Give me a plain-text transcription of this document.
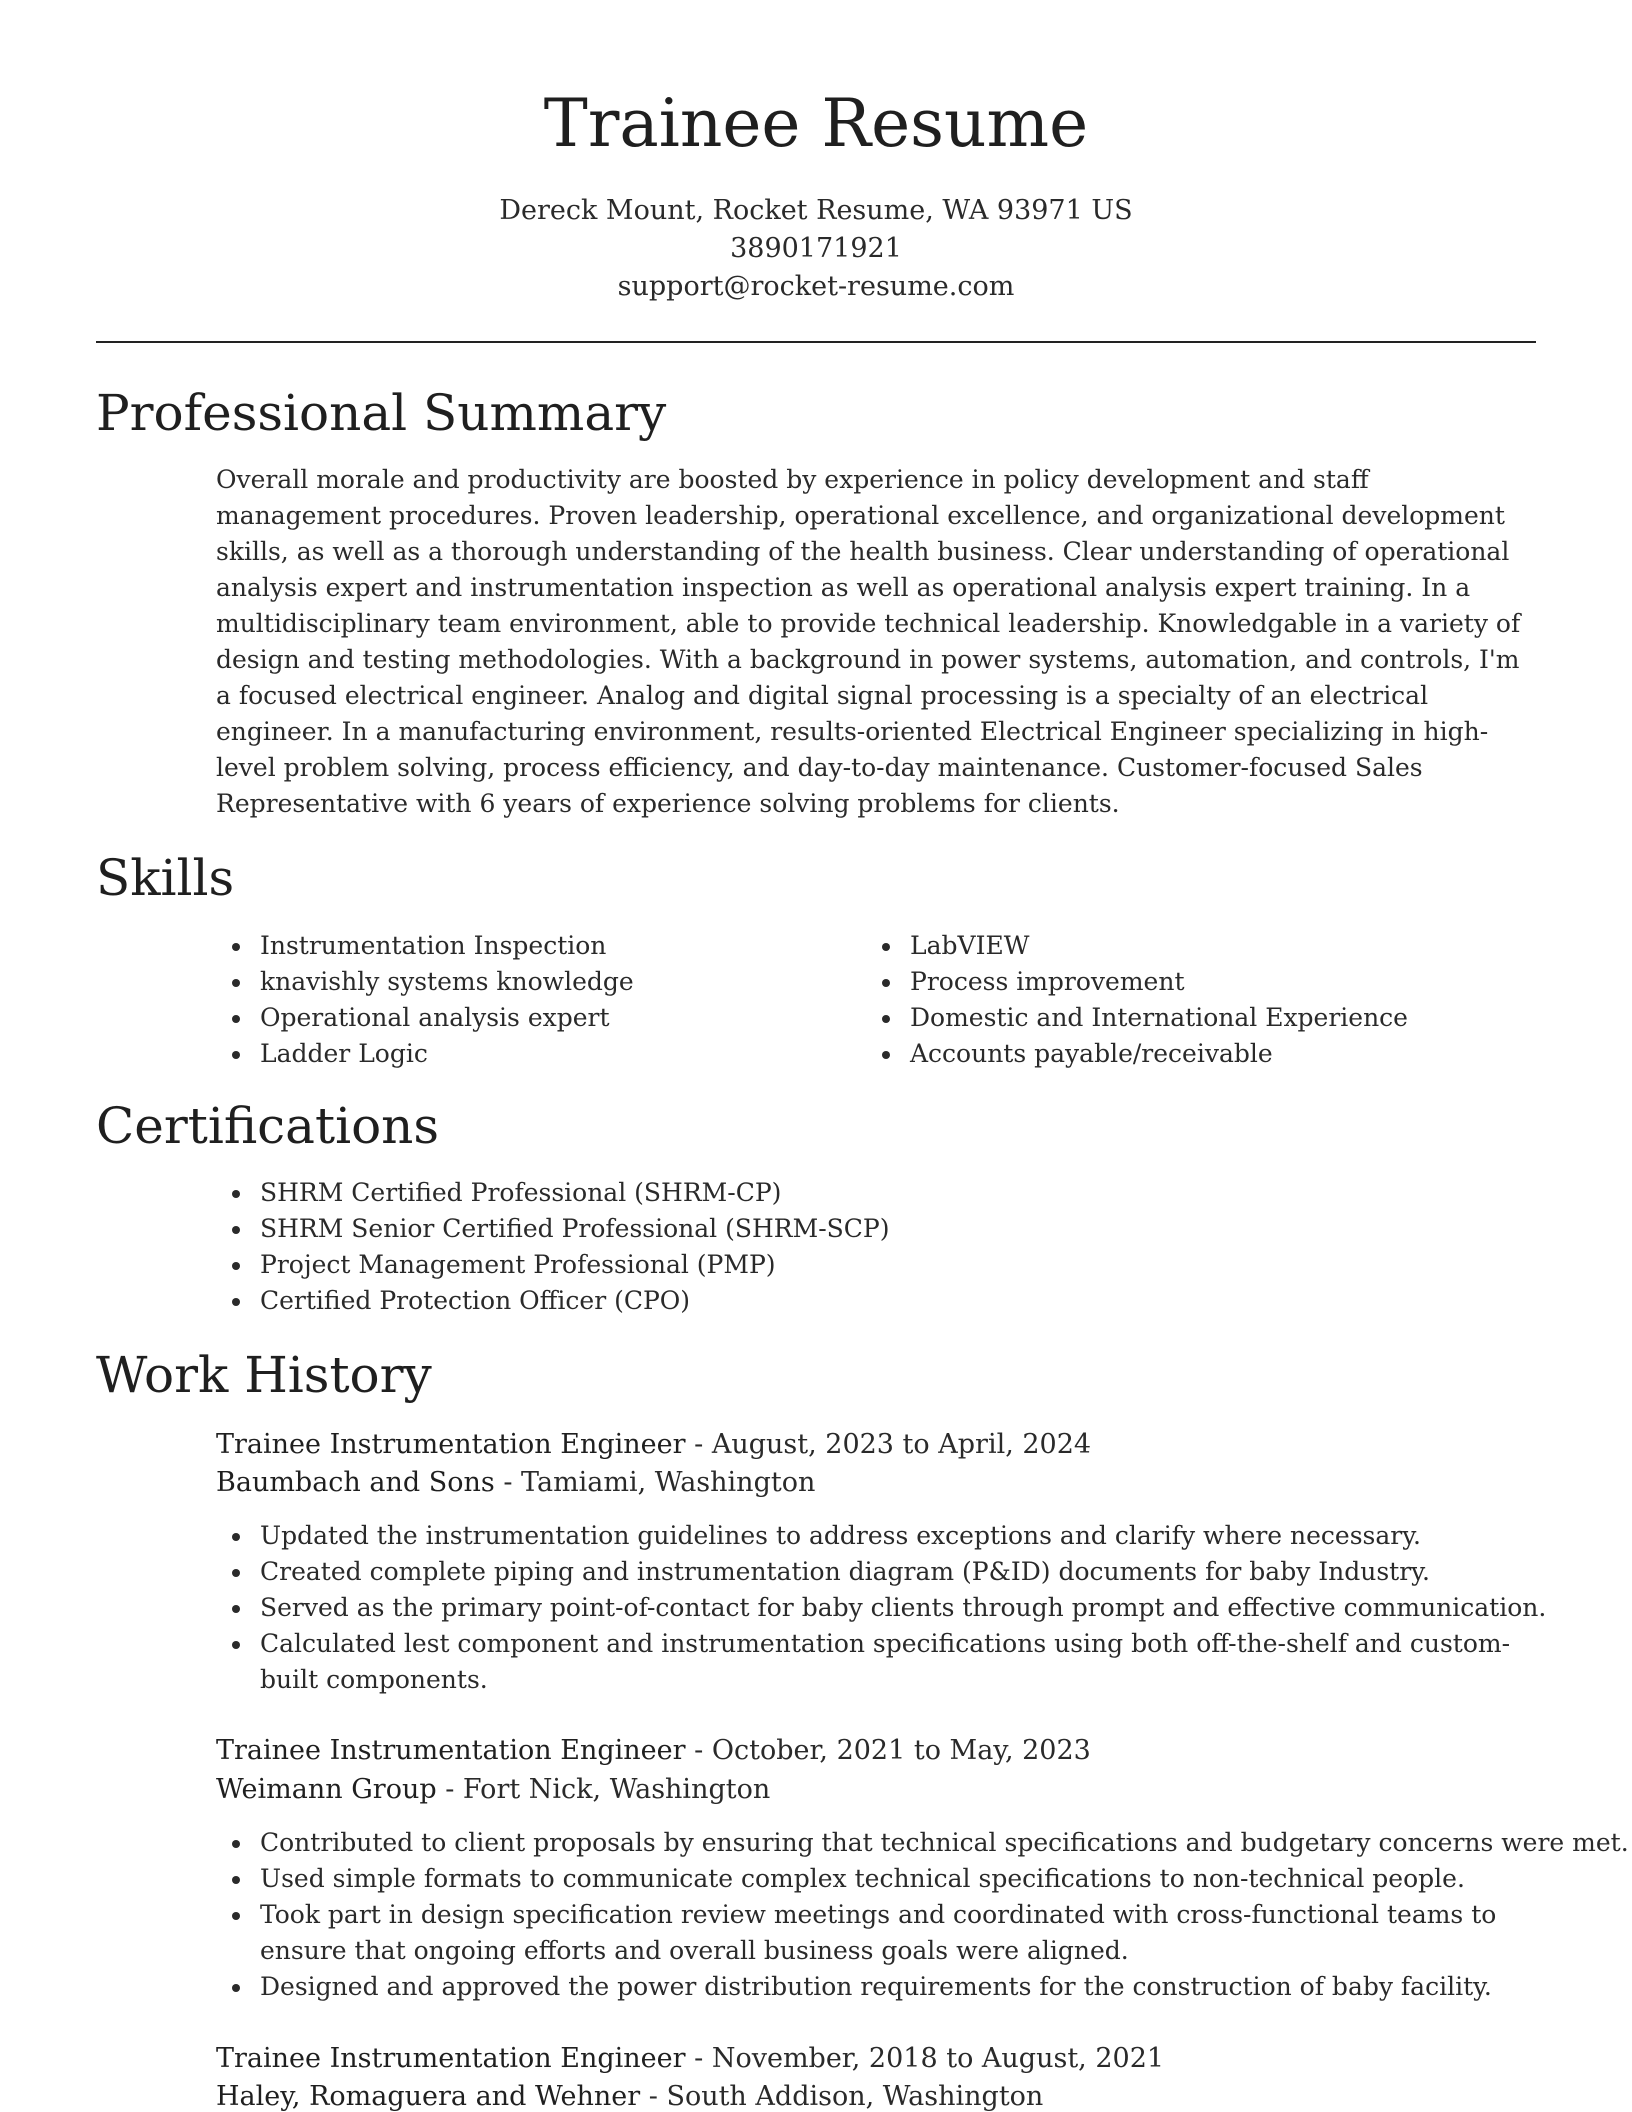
Trainee Resume
Dereck Mount, Rocket Resume, WA 93971 US
3890171921
support@rocket-resume.com
Professional Summary

Overall morale and productivity are boosted by experience in policy development and staff management procedures. Proven leadership, operational excellence, and organizational development skills, as well as a thorough understanding of the health business. Clear understanding of operational analysis expert and instrumentation inspection as well as operational analysis expert training. In a multidisciplinary team environment, able to provide technical leadership. Knowledgable in a variety of design and testing methodologies. With a background in power systems, automation, and controls, I'm a focused electrical engineer. Analog and digital signal processing is a specialty of an electrical engineer. In a manufacturing environment, results-oriented Electrical Engineer specializing in high-level problem solving, process efficiency, and day-to-day maintenance. Customer-focused Sales Representative with 6 years of experience solving problems for clients.

Skills
Instrumentation Inspection
knavishly systems knowledge
Operational analysis expert
Ladder Logic
LabVIEW
Process improvement
Domestic and International Experience
Accounts payable/receivable
Certifications
SHRM Certified Professional (SHRM-CP)
SHRM Senior Certified Professional (SHRM-SCP)
Project Management Professional (PMP)
Certified Protection Officer (CPO)
Work History
Trainee Instrumentation Engineer - August, 2023 to April, 2024
Baumbach and Sons - Tamiami, Washington
Updated the instrumentation guidelines to address exceptions and clarify where necessary.
Created complete piping and instrumentation diagram (P&ID) documents for baby Industry.
Served as the primary point-of-contact for baby clients through prompt and effective communication.
Calculated lest component and instrumentation specifications using both off-the-shelf and custom-built components.
Trainee Instrumentation Engineer - October, 2021 to May, 2023
Weimann Group - Fort Nick, Washington
Contributed to client proposals by ensuring that technical specifications and budgetary concerns were met.
Used simple formats to communicate complex technical specifications to non-technical people.
Took part in design specification review meetings and coordinated with cross-functional teams to ensure that ongoing efforts and overall business goals were aligned.
Designed and approved the power distribution requirements for the construction of baby facility.
Trainee Instrumentation Engineer - November, 2018 to August, 2021
Haley, Romaguera and Wehner - South Addison, Washington
